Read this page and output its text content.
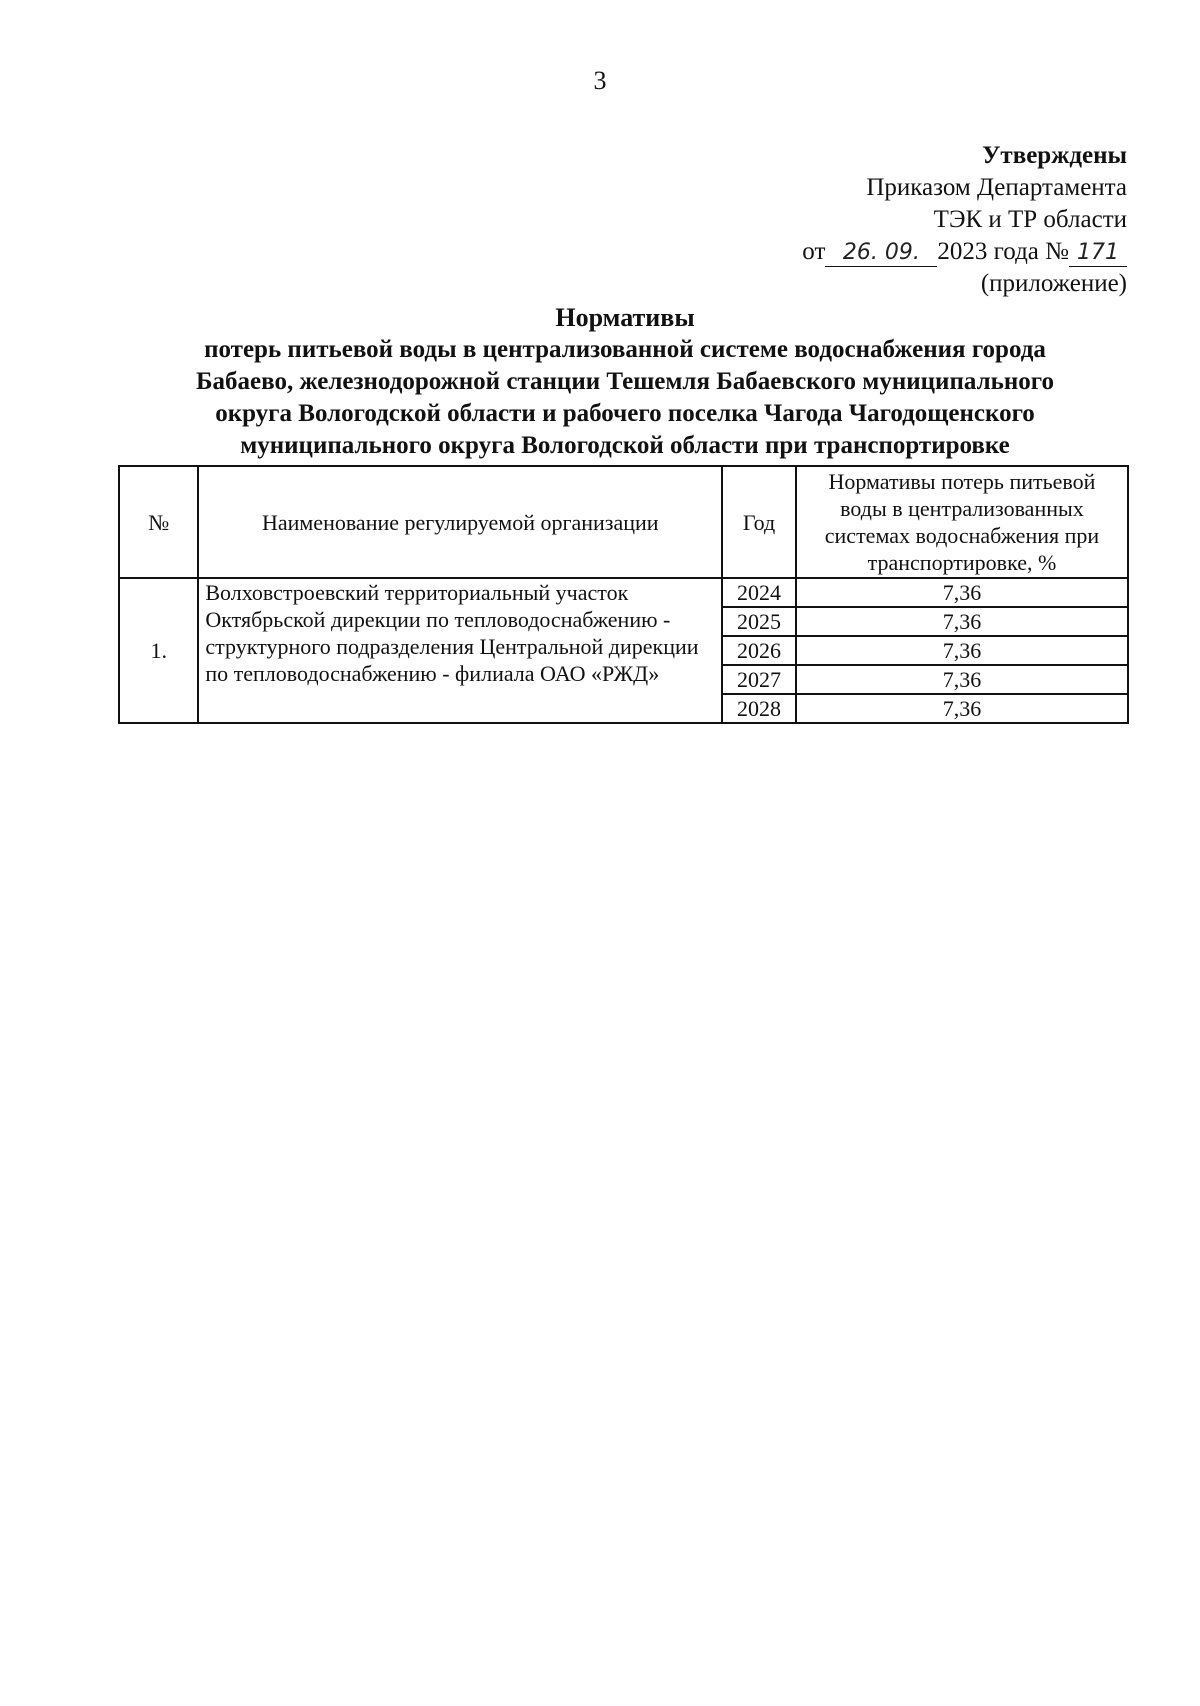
3
Утверждены
Приказом Департамента
ТЭК и ТР области
от 26. 09. 2023 года № 171
(приложение)
Нормативы
потерь питьевой воды в централизованной системе водоснабжения города
Бабаево, железнодорожной станции Тешемля Бабаевского муниципального
округа Вологодской области и рабочего поселка Чагода Чагодощенского
муниципального округа Вологодской области при транспортировке
№	Наименование регулируемой организации	Год	Нормативы потерь питьевой воды в централизованных системах водоснабжения при транспортировке, %
1.	Волховстроевский территориальный участок Октябрьской дирекции по тепловодоснабжению - структурного подразделения Центральной дирекции по тепловодоснабжению - филиала ОАО «РЖД»	2024	7,36
		2025	7,36
		2026	7,36
		2027	7,36
		2028	7,36
